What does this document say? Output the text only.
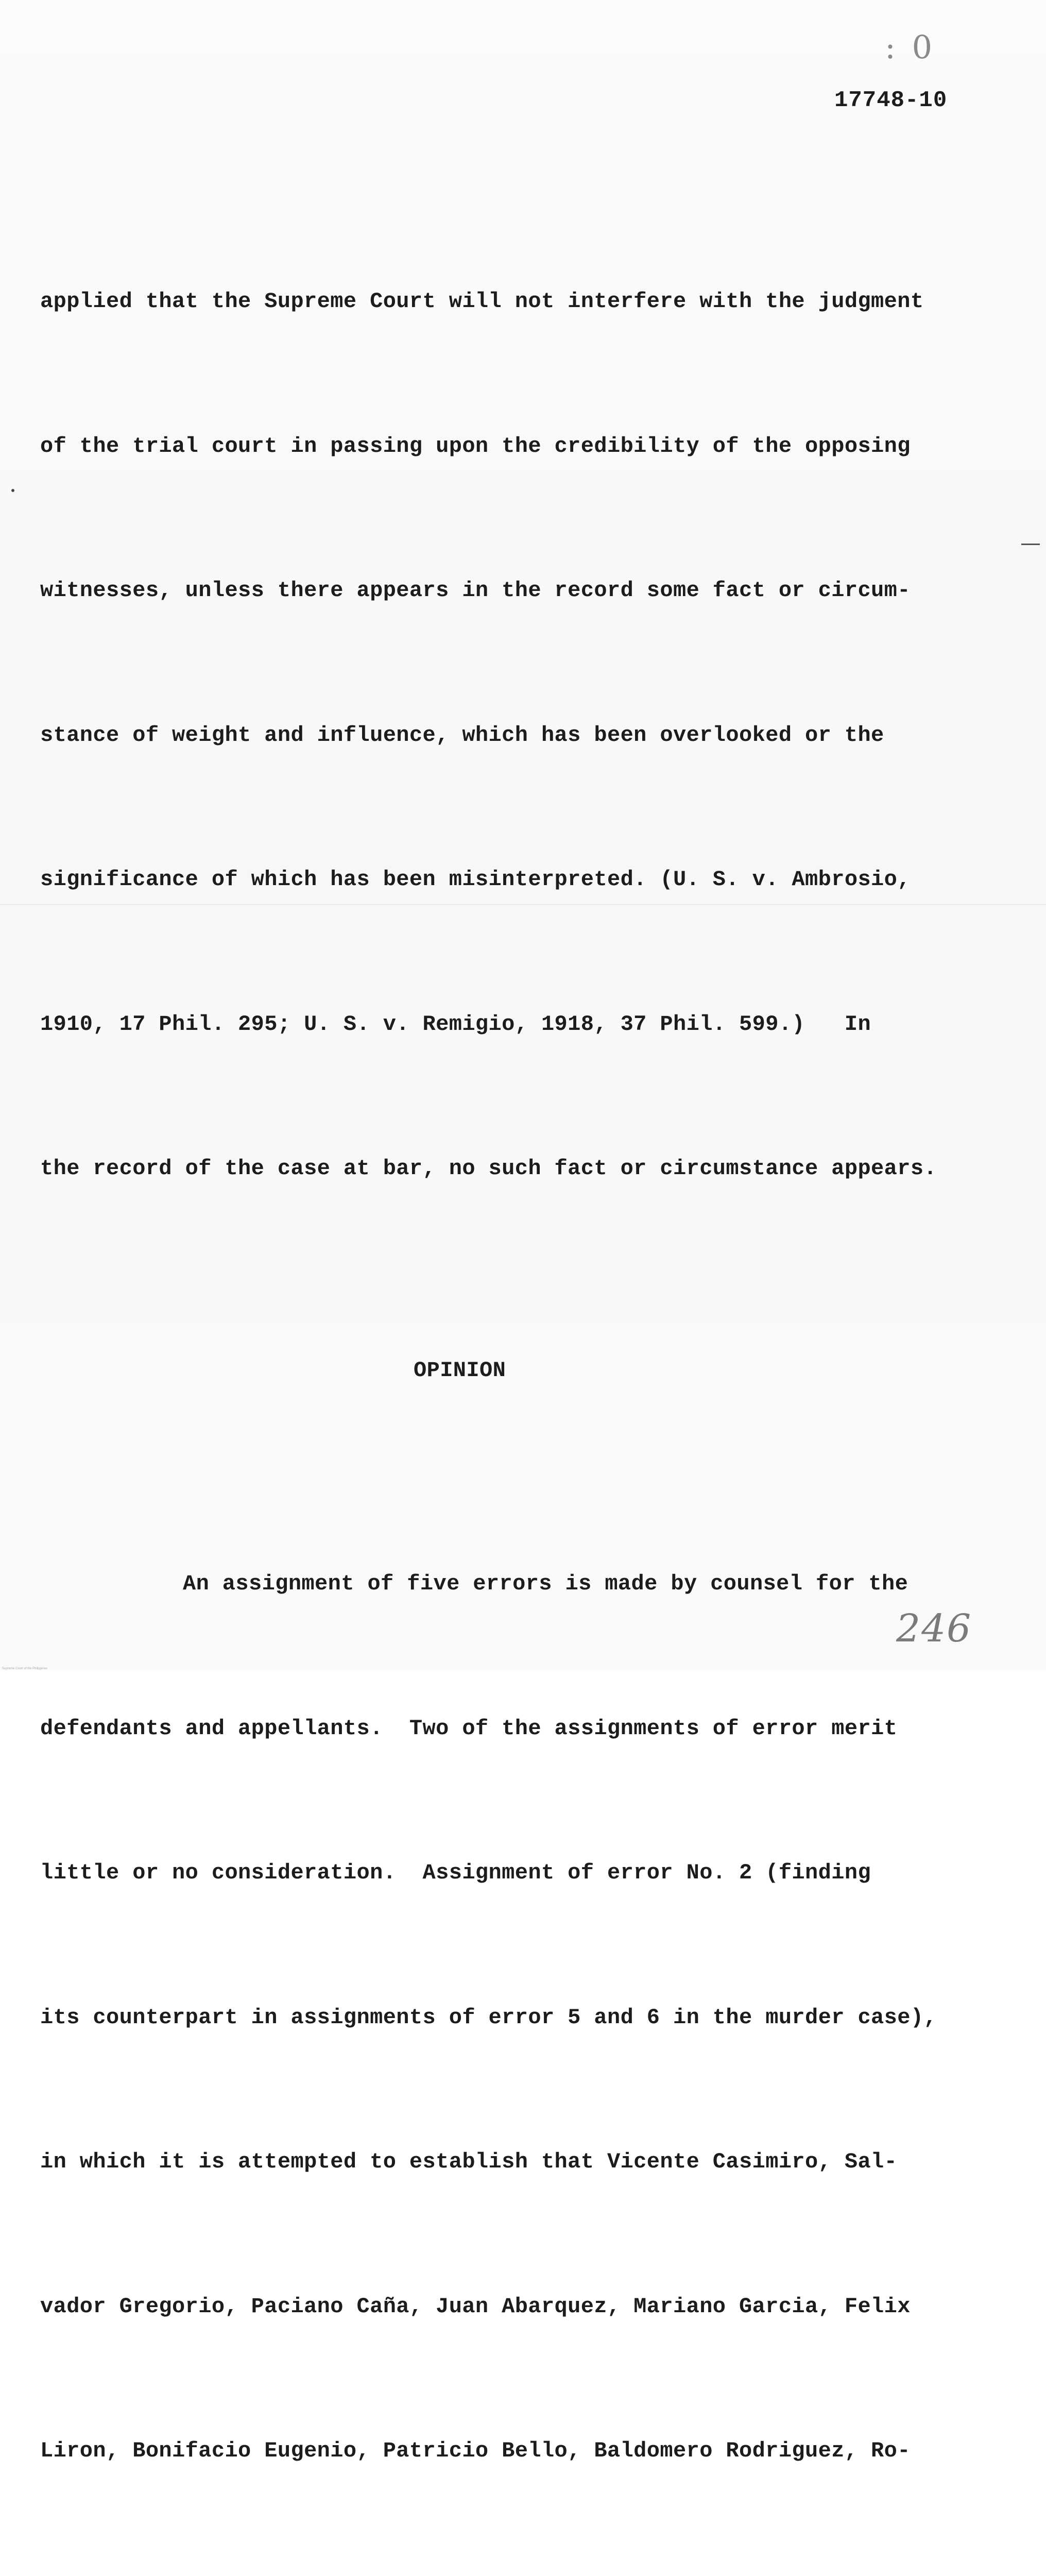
: 0
17748-10

applied that the Supreme Court will not interfere with the judgment

of the trial court in passing upon the credibility of the opposing

witnesses, unless there appears in the record some fact or circum-

stance of weight and influence, which has been overlooked or the

significance of which has been misinterpreted. (U. S. v. Ambrosio,

1910, 17 Phil. 295; U. S. v. Remigio, 1918, 37 Phil. 599.)   In

the record of the case at bar, no such fact or circumstance appears.

OPINION

An assignment of five errors is made by counsel for the

defendants and appellants.  Two of the assignments of error merit

little or no consideration.  Assignment of error No. 2 (finding

its counterpart in assignments of error 5 and 6 in the murder case),

in which it is attempted to establish that Vicente Casimiro, Sal-

vador Gregorio, Paciano Caña, Juan Abarquez, Mariano Garcia, Felix

Liron, Bonifacio Eugenio, Patricio Bello, Baldomero Rodriguez, Ro-

246
Supreme Court of the Philippines
